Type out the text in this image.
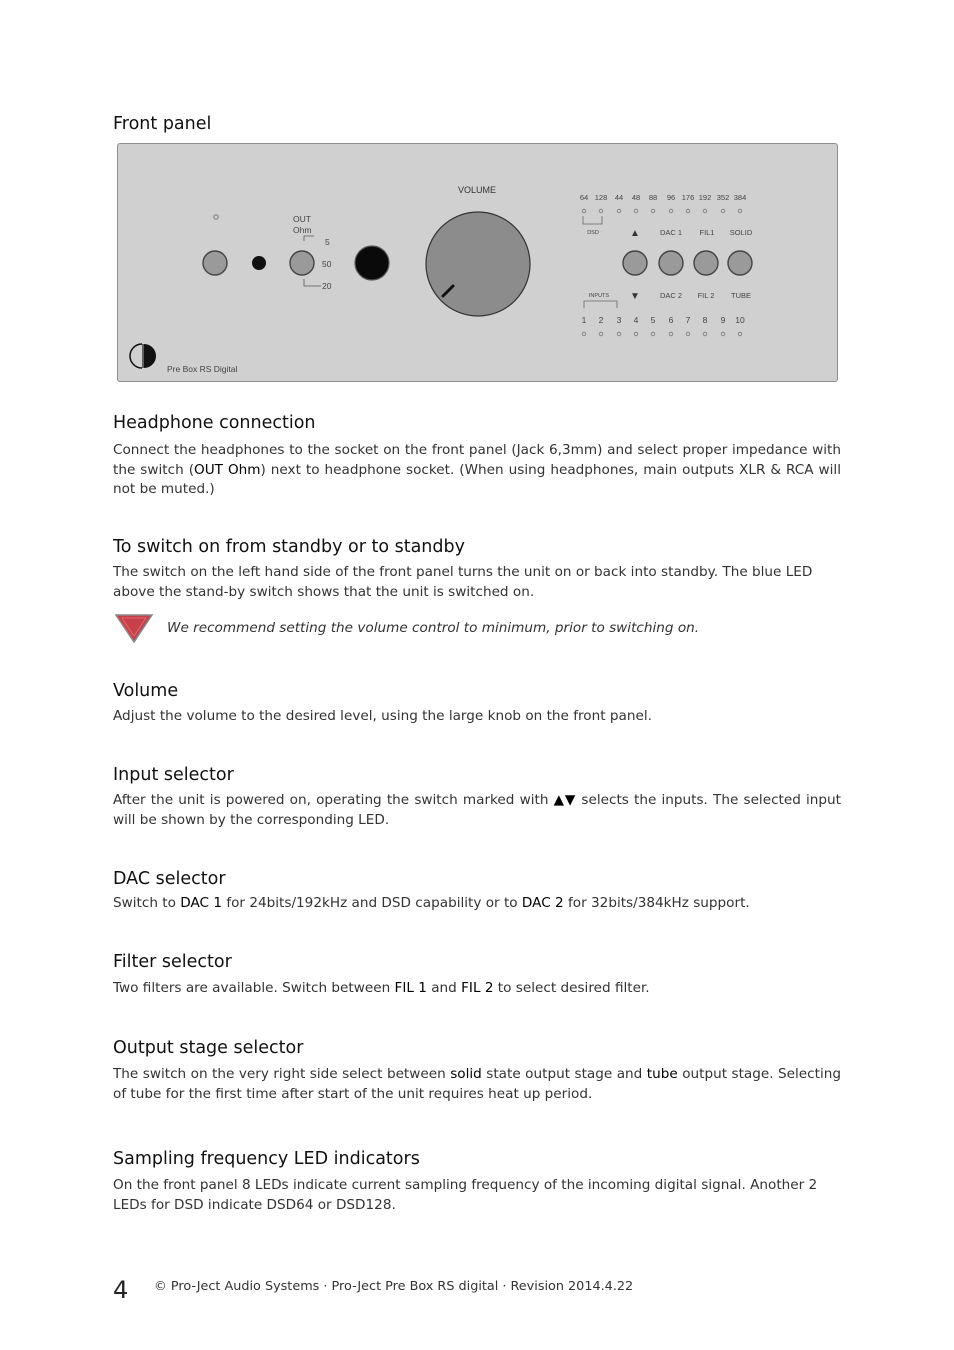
Front panel
OUT
Ohm
5
50
20
VOLUME
64 128 44 48 88 96 176 192 352 384
DSD	▲	DAC 1 FIL1 SOLID
▼	DAC 2 FIL 2 TUBE
INPUTS
1 2 3 4 5 6 7 8 9 10
Pre Box RS Digital
Headphone connection

Connect the headphones to the socket on the front panel (Jack 6,3mm) and select proper impedance with the switch (OUT Ohm) next to headphone socket. (When using headphones, main outputs XLR & RCA will not be muted.)

To switch on from standby or to standby

The switch on the left hand side of the front panel turns the unit on or back into standby. The blue LED above the stand-by switch shows that the unit is switched on.

We recommend setting the volume control to minimum, prior to switching on.
Volume

Adjust the volume to the desired level, using the large knob on the front panel.

Input selector

After the unit is powered on, operating the switch marked with ▲▼ selects the inputs. The selected input will be shown by the corresponding LED.

DAC selector

Switch to DAC 1 for 24bits/192kHz and DSD capability or to DAC 2 for 32bits/384kHz support.

Filter selector

Two filters are available. Switch between FIL 1 and FIL 2 to select desired filter.

Output stage selector

The switch on the very right side select between solid state output stage and tube output stage. Selecting of tube for the first time after start of the unit requires heat up period.

Sampling frequency LED indicators

On the front panel 8 LEDs indicate current sampling frequency of the incoming digital signal. Another 2 LEDs for DSD indicate DSD64 or DSD128.

4 © Pro-Ject Audio Systems · Pro-Ject Pre Box RS digital · Revision 2014.4.22
